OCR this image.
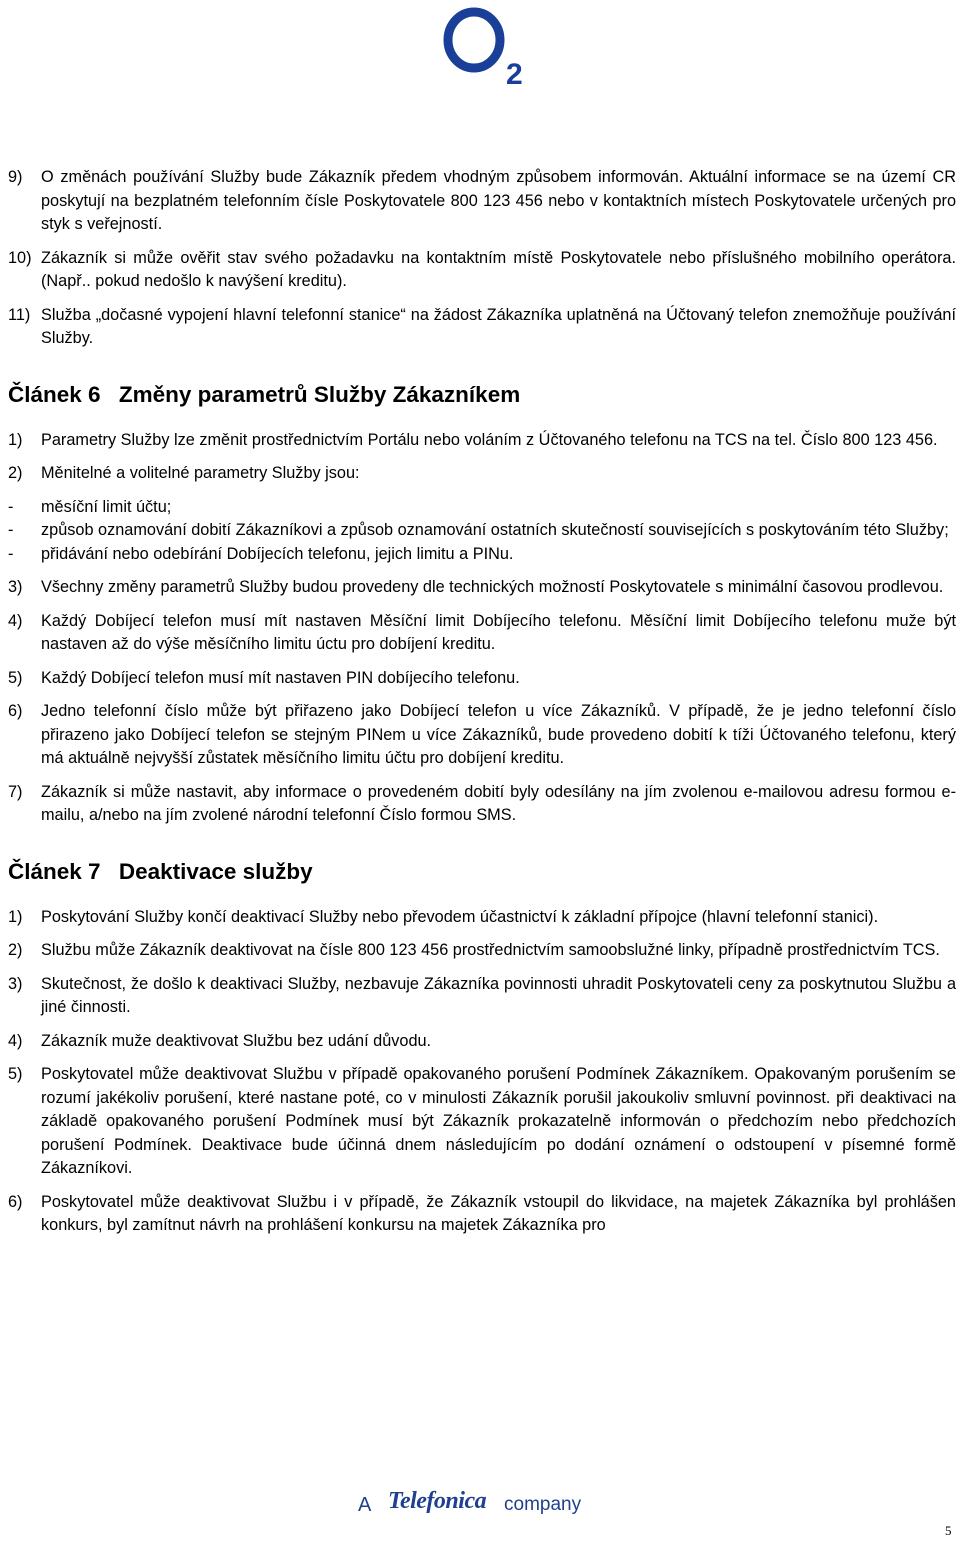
2
9)	O změnách používání Služby bude Zákazník předem vhodným způsobem informován. Aktuální informace se na území CR poskytují na bezplatném telefonním čísle Poskytovatele 800 123 456 nebo v kontaktních místech Poskytovatele určených pro styk s veřejností.
10) Zákazník si může ověřit stav svého požadavku na kontaktním místě Poskytovatele nebo příslušného mobilního operátora. (Např.. pokud nedošlo k navýšení kreditu).
11) Služba „dočasné vypojení hlavní telefonní stanice“ na žádost Zákazníka uplatněná na Účtovaný telefon znemožňuje používání Služby.
Článek 6 Změny parametrů Služby Zákazníkem
1)	Parametry Služby lze změnit prostřednictvím Portálu nebo voláním z Účtovaného telefonu na TCS na tel. Číslo 800 123 456.
2)	Měnitelné a volitelné parametry Služby jsou:
-	měsíční limit účtu;
-	způsob oznamování dobití Zákazníkovi a způsob oznamování ostatních skutečností souvisejících s poskytováním této Služby;
-	přidávání nebo odebírání Dobíjecích telefonu, jejich limitu a PINu.
3)	Všechny změny parametrů Služby budou provedeny dle technických možností Poskytovatele s minimální časovou prodlevou.
4)	Každý Dobíjecí telefon musí mít nastaven Měsíční limit Dobíjecího telefonu. Měsíční limit Dobíjecího telefonu muže být nastaven až do výše měsíčního limitu úctu pro dobíjení kreditu.
5)	Každý Dobíjecí telefon musí mít nastaven PIN dobíjecího telefonu.
6)	Jedno telefonní číslo může být přiřazeno jako Dobíjecí telefon u více Zákazníků. V případě, že je jedno telefonní číslo přirazeno jako Dobíjecí telefon se stejným PINem u více Zákazníků, bude provedeno dobití k tíži Účtovaného telefonu, který má aktuálně nejvyšší zůstatek měsíčního limitu účtu pro dobíjení kreditu.
7)	Zákazník si může nastavit, aby informace o provedeném dobití byly odesílány na jím zvolenou e-mailovou adresu formou e-mailu, a/nebo na jím zvolené národní telefonní Číslo formou SMS.
Článek 7 Deaktivace služby
1)	Poskytování Služby končí deaktivací Služby nebo převodem účastnictví k základní přípojce (hlavní telefonní stanici).
2)	Službu může Zákazník deaktivovat na čísle 800 123 456 prostřednictvím samoobslužné linky, případně prostřednictvím TCS.
3)	Skutečnost, že došlo k deaktivaci Služby, nezbavuje Zákazníka povinnosti uhradit Poskytovateli ceny za poskytnutou Službu a jiné činnosti.
4)	Zákazník muže deaktivovat Službu bez udání důvodu.
5)	Poskytovatel může deaktivovat Službu v případě opakovaného porušení Podmínek Zákazníkem. Opakovaným porušením se rozumí jakékoliv porušení, které nastane poté, co v minulosti Zákazník porušil jakoukoliv smluvní povinnost. při deaktivaci na základě opakovaného porušení Podmínek musí být Zákazník prokazatelně informován o předchozím nebo předchozích porušení Podmínek. Deaktivace bude účinná dnem následujícím po dodání oznámení o odstoupení v písemné formě Zákazníkovi.
6)	Poskytovatel může deaktivovat Službu i v případě, že Zákazník vstoupil do likvidace, na majetek Zákazníka byl prohlášen konkurs, byl zamítnut návrh na prohlášení konkursu na majetek Zákazníka pro
A Telefonica company
5
